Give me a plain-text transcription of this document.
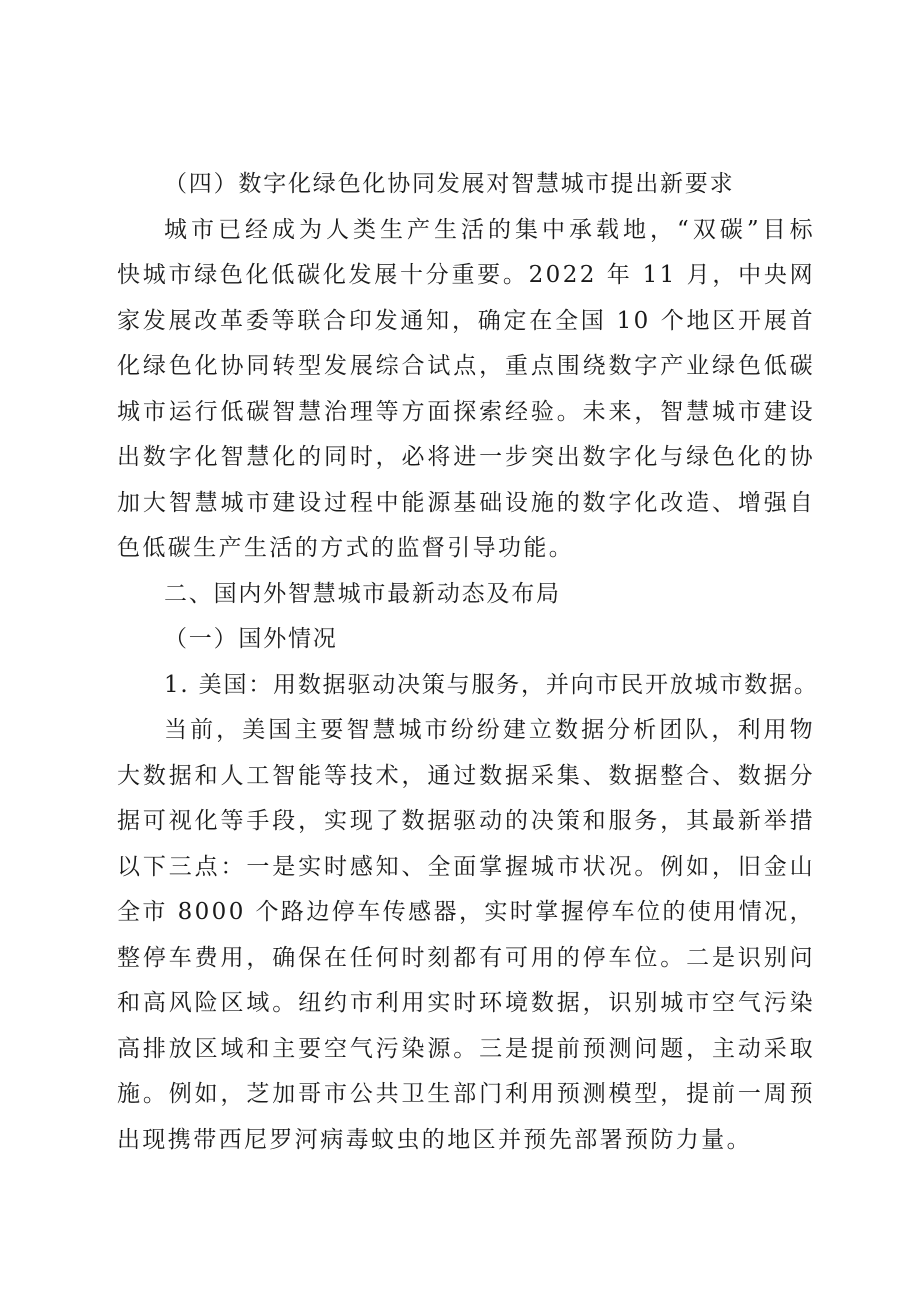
（四）数字化绿色化协同发展对智慧城市提出新要求
城市已经成为人类生产生活的集中承载地，“双碳”目标
快城市绿色化低碳化发展十分重要。2022 年 11 月，中央网
家发展改革委等联合印发通知，确定在全国 10 个地区开展首
化绿色化协同转型发展综合试点，重点围绕数字产业绿色低碳
城市运行低碳智慧治理等方面探索经验。未来，智慧城市建设
出数字化智慧化的同时，必将进一步突出数字化与绿色化的协
加大智慧城市建设过程中能源基础设施的数字化改造、增强自
色低碳生产生活的方式的监督引导功能。
二、国内外智慧城市最新动态及布局
（一）国外情况
1. 美国：用数据驱动决策与服务，并向市民开放城市数据。
当前，美国主要智慧城市纷纷建立数据分析团队，利用物
大数据和人工智能等技术，通过数据采集、数据整合、数据分
据可视化等手段，实现了数据驱动的决策和服务，其最新举措
以下三点：一是实时感知、全面掌握城市状况。例如，旧金山
全市 8000 个路边停车传感器，实时掌握停车位的使用情况，
整停车费用，确保在任何时刻都有可用的停车位。二是识别问
和高风险区域。纽约市利用实时环境数据，识别城市空气污染
高排放区域和主要空气污染源。三是提前预测问题，主动采取
施。例如，芝加哥市公共卫生部门利用预测模型，提前一周预
出现携带西尼罗河病毒蚊虫的地区并预先部署预防力量。
